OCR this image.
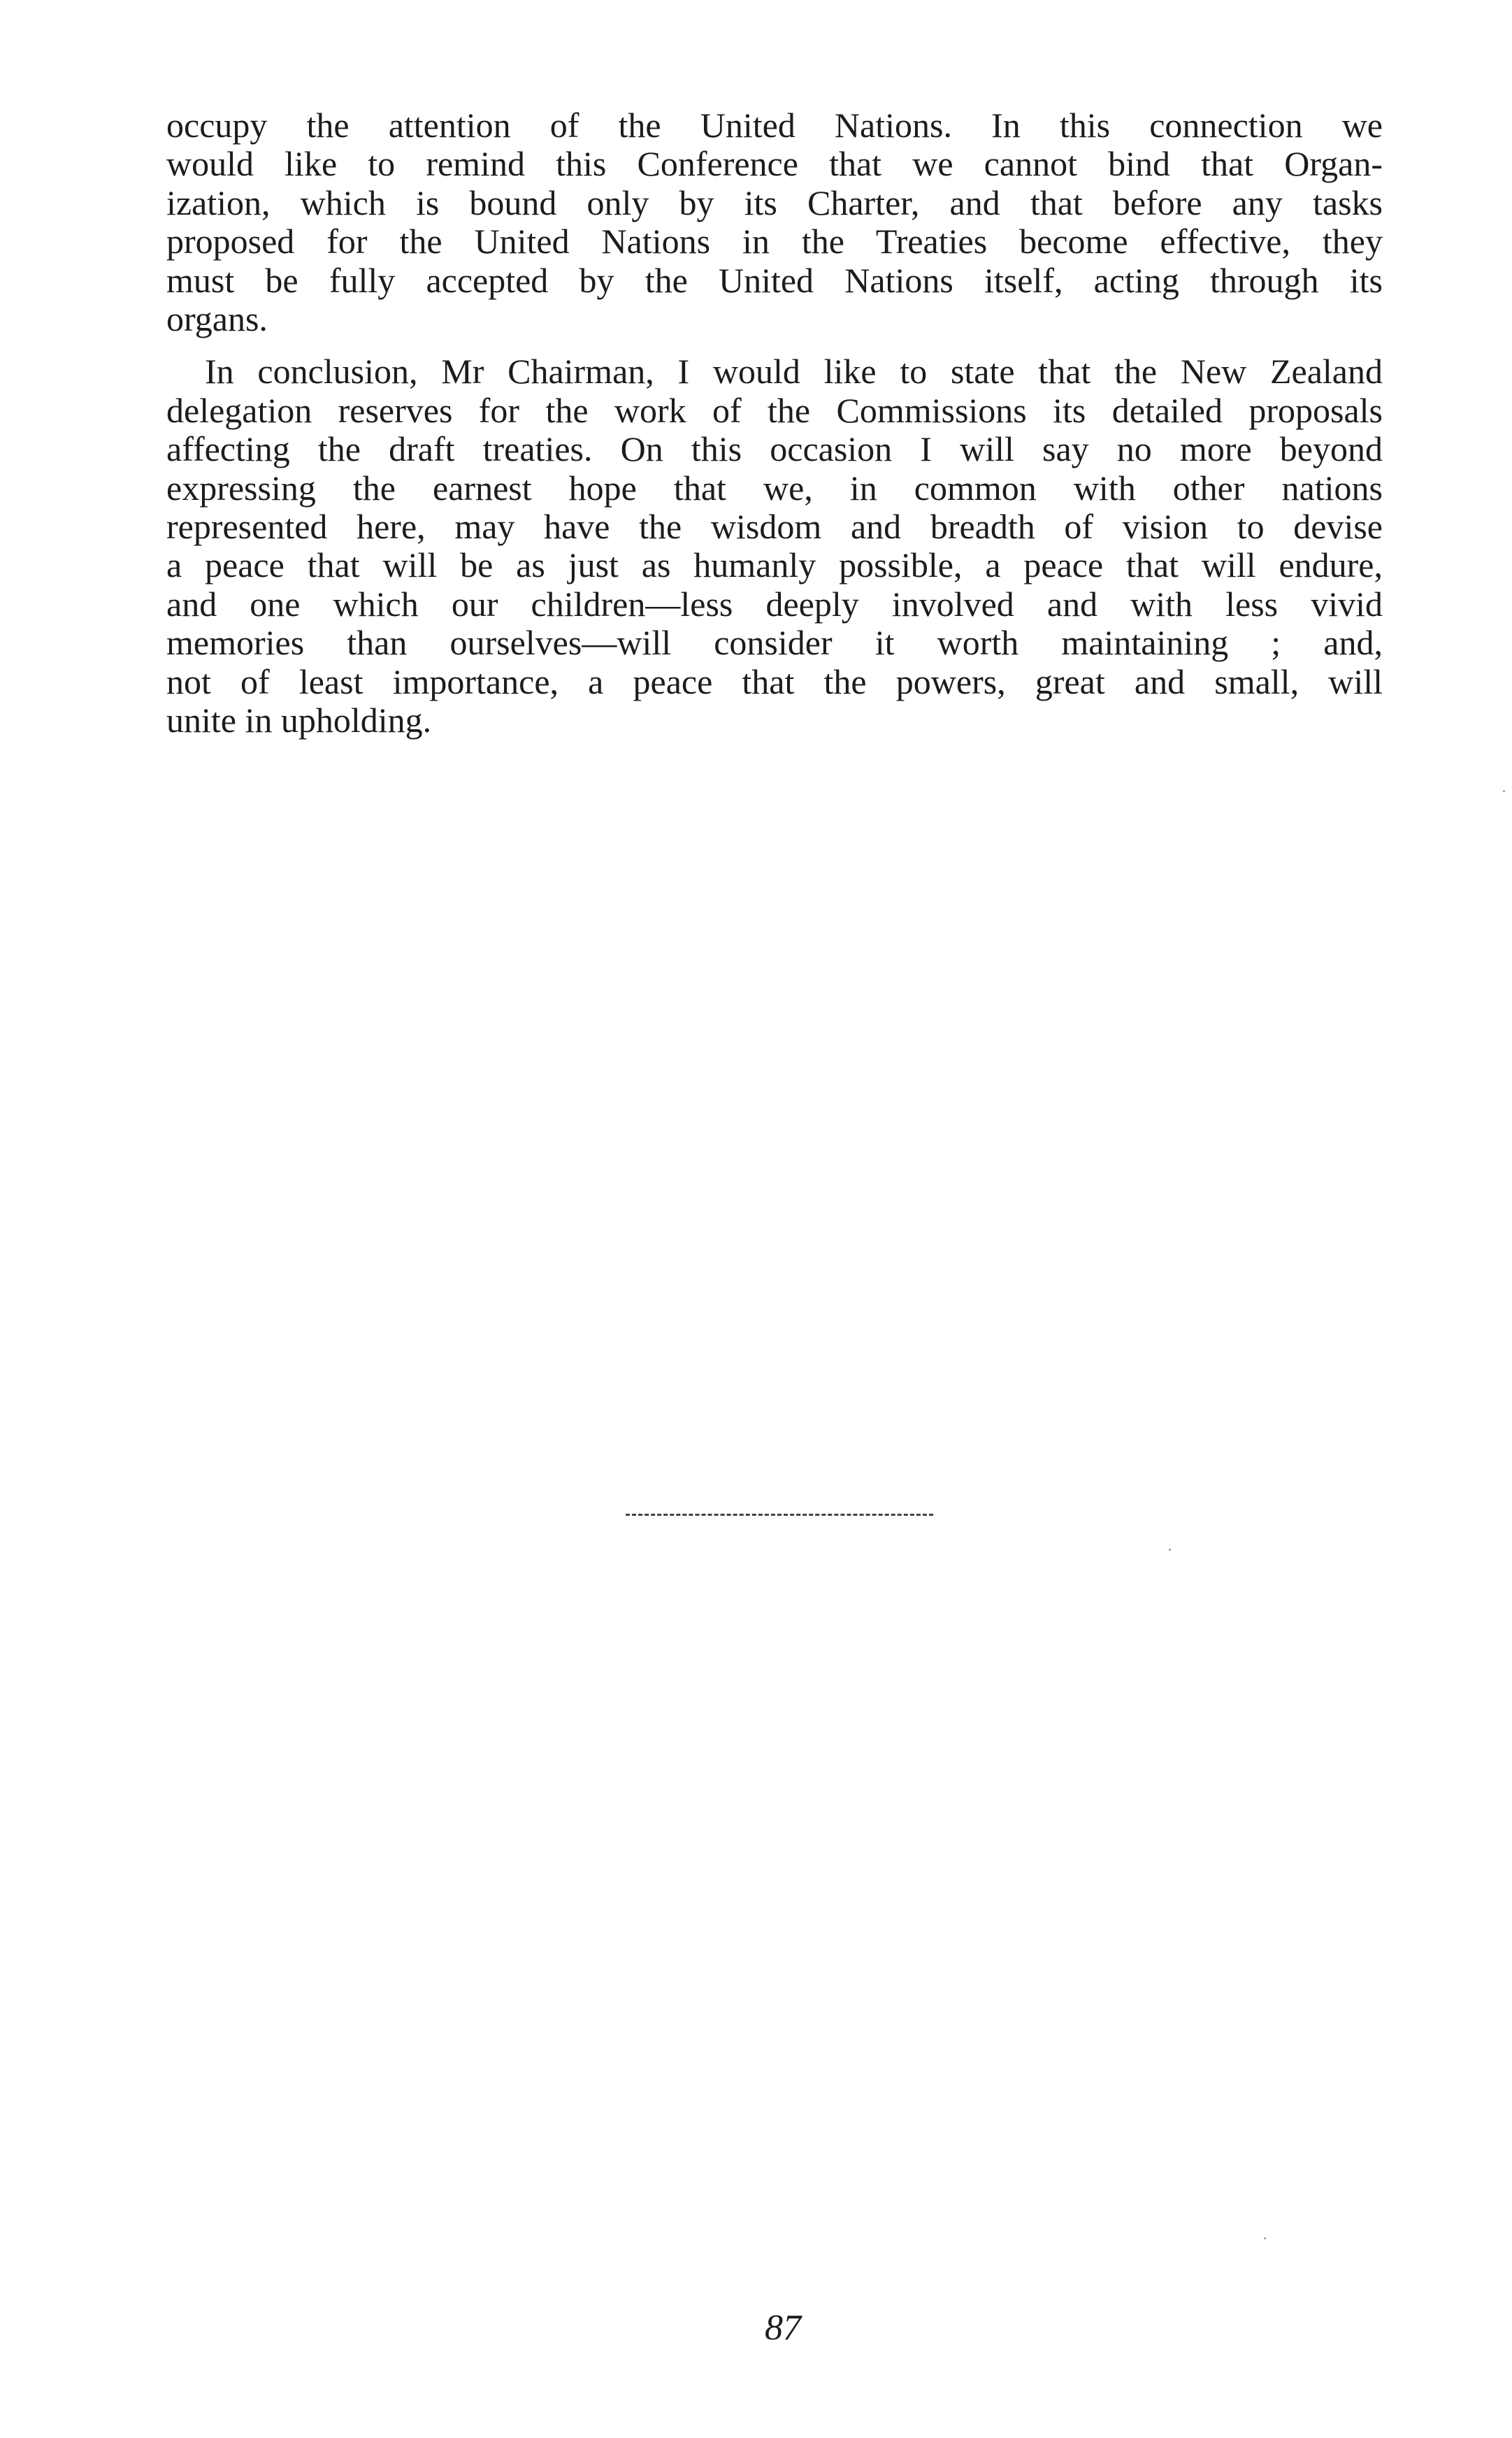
occupy the attention of the United Nations. In this connection we
would like to remind this Conference that we cannot bind that Organ-
ization, which is bound only by its Charter, and that before any tasks
proposed for the United Nations in the Treaties become effective, they
must be fully accepted by the United Nations itself, acting through its
organs.

In conclusion, Mr Chairman, I would like to state that the New Zealand
delegation reserves for the work of the Commissions its detailed proposals
affecting the draft treaties. On this occasion I will say no more beyond
expressing the earnest hope that we, in common with other nations
represented here, may have the wisdom and breadth of vision to devise
a peace that will be as just as humanly possible, a peace that will endure,
and one which our children—less deeply involved and with less vivid
memories than ourselves—will consider it worth maintaining ; and,
not of least importance, a peace that the powers, great and small, will
unite in upholding.

87
